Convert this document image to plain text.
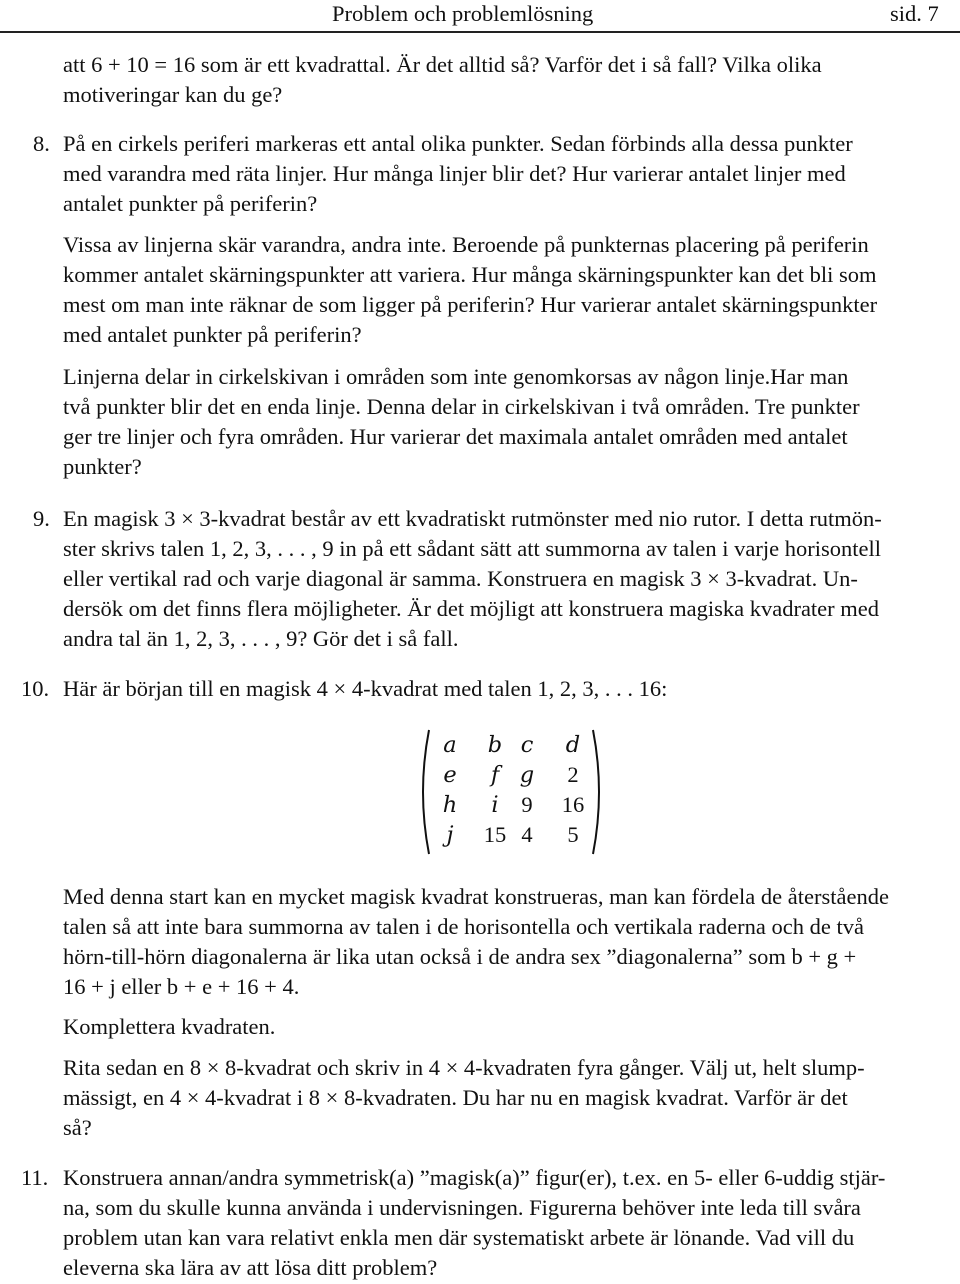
Problem och problemlösning	sid. 7
att 6 + 10 = 16 som är ett kvadrattal. Är det alltid så? Varför det i så fall? Vilka olika
motiveringar kan du ge?
8. På en cirkels periferi markeras ett antal olika punkter. Sedan förbinds alla dessa punkter
med varandra med räta linjer. Hur många linjer blir det? Hur varierar antalet linjer med
antalet punkter på periferin?
Vissa av linjerna skär varandra, andra inte. Beroende på punkternas placering på periferin
kommer antalet skärningspunkter att variera. Hur många skärningspunkter kan det bli som
mest om man inte räknar de som ligger på periferin? Hur varierar antalet skärningspunkter
med antalet punkter på periferin?
Linjerna delar in cirkelskivan i områden som inte genomkorsas av någon linje.Har man
två punkter blir det en enda linje. Denna delar in cirkelskivan i två områden. Tre punkter
ger tre linjer och fyra områden. Hur varierar det maximala antalet områden med antalet
punkter?
9. En magisk 3 × 3-kvadrat består av ett kvadratiskt rutmönster med nio rutor. I detta rutmön-
ster skrivs talen 1, 2, 3, . . . , 9 in på ett sådant sätt att summorna av talen i varje horisontell
eller vertikal rad och varje diagonal är samma. Konstruera en magisk 3 × 3-kvadrat. Un-
dersök om det finns flera möjligheter. Är det möjligt att konstruera magiska kvadrater med
andra tal än 1, 2, 3, . . . , 9? Gör det i så fall.
10. Här är början till en magisk 4 × 4-kvadrat med talen 1, 2, 3, . . . 16:
a	b c	d
e	f g	2
h	i	9	16
j	15 4	5
Med denna start kan en mycket magisk kvadrat konstrueras, man kan fördela de återstående
talen så att inte bara summorna av talen i de horisontella och vertikala raderna och de två
hörn-till-hörn diagonalerna är lika utan också i de andra sex ”diagonalerna” som b + g +
16 + j eller b + e + 16 + 4.
Komplettera kvadraten.
Rita sedan en 8 × 8-kvadrat och skriv in 4 × 4-kvadraten fyra gånger. Välj ut, helt slump-
mässigt, en 4 × 4-kvadrat i 8 × 8-kvadraten. Du har nu en magisk kvadrat. Varför är det
så?
11. Konstruera annan/andra symmetrisk(a) ”magisk(a)” figur(er), t.ex. en 5- eller 6-uddig stjär-
na, som du skulle kunna använda i undervisningen. Figurerna behöver inte leda till svåra
problem utan kan vara relativt enkla men där systematiskt arbete är lönande. Vad vill du
eleverna ska lära av att lösa ditt problem?
